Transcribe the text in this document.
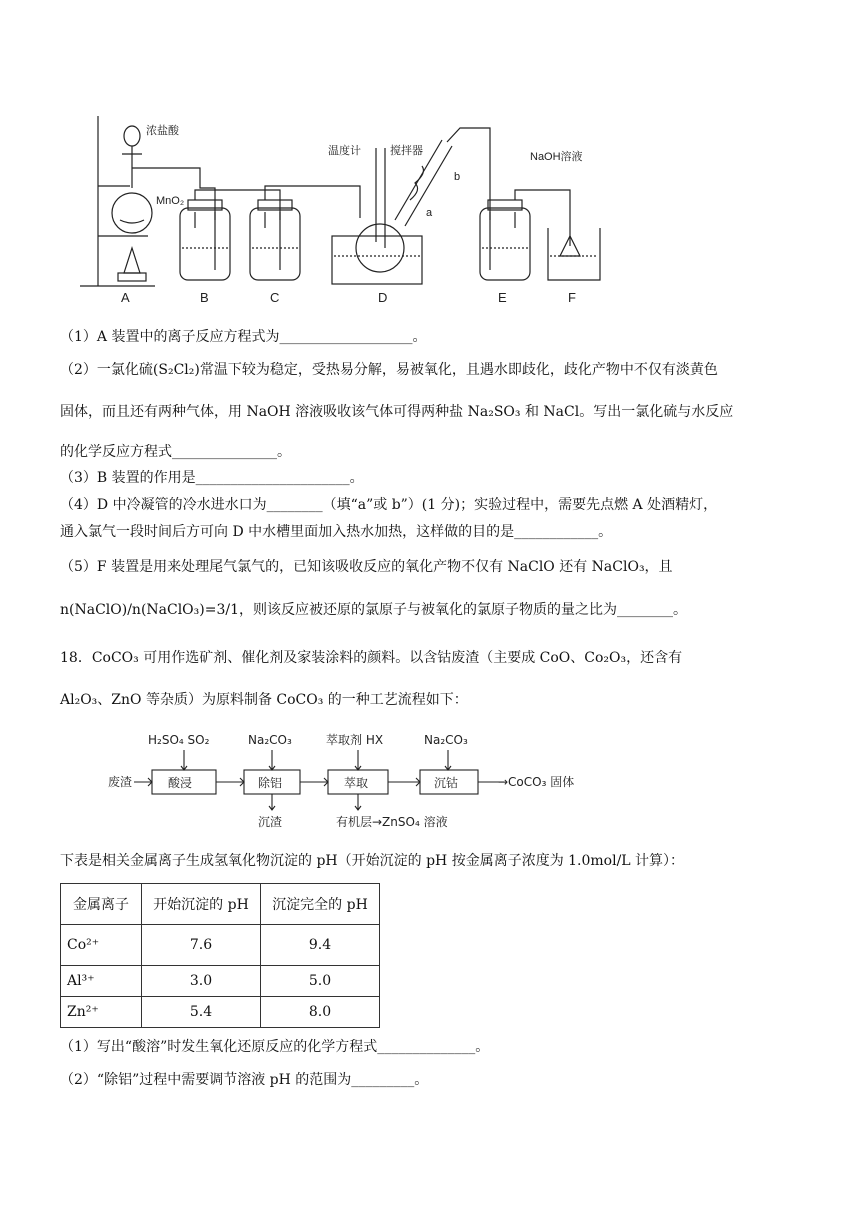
浓盐酸
MnO₂
温度计	搅拌器	NaOH溶液
a
b
A	B	C	D	E	F
（1）A 装置中的离子反应方程式为___________________。
（2）一氯化硫(S₂Cl₂)常温下较为稳定，受热易分解，易被氧化，且遇水即歧化，歧化产物中不仅有淡黄色
固体，而且还有两种气体，用 NaOH 溶液吸收该气体可得两种盐 Na₂SO₃ 和 NaCl。写出一氯化硫与水反应
的化学反应方程式_______________。
（3）B 装置的作用是______________________。
（4）D 中冷凝管的冷水进水口为________（填“a”或 b”）(1 分)；实验过程中，需要先点燃 A 处酒精灯，
通入氯气一段时间后方可向 D 中水槽里面加入热水加热，这样做的目的是____________。
（5）F 装置是用来处理尾气氯气的，已知该吸收反应的氧化产物不仅有 NaClO 还有 NaClO₃，且
n(NaClO)/n(NaClO₃)=3/1，则该反应被还原的氯原子与被氧化的氯原子物质的量之比为________。
18．CoCO₃ 可用作选矿剂、催化剂及家装涂料的颜料。以含钴废渣（主要成 CoO、Co₂O₃，还含有
Al₂O₃、ZnO 等杂质）为原料制备 CoCO₃ 的一种工艺流程如下：
废渣	酸浸	除铝	萃取	沉钴
H₂SO₄ SO₂	Na₂CO₃	萃取剂 HX	Na₂CO₃
沉渣	有机层→ZnSO₄ 溶液
→CoCO₃ 固体
下表是相关金属离子生成氢氧化物沉淀的 pH（开始沉淀的 pH 按金属离子浓度为 1.0mol/L 计算）：
金属离子	开始沉淀的 pH	沉淀完全的 pH
Co²⁺	7.6	9.4
Al³⁺	3.0	5.0
Zn²⁺	5.4	8.0
（1）写出“酸溶”时发生氧化还原反应的化学方程式______________。
（2）“除铝”过程中需要调节溶液 pH 的范围为_________。
